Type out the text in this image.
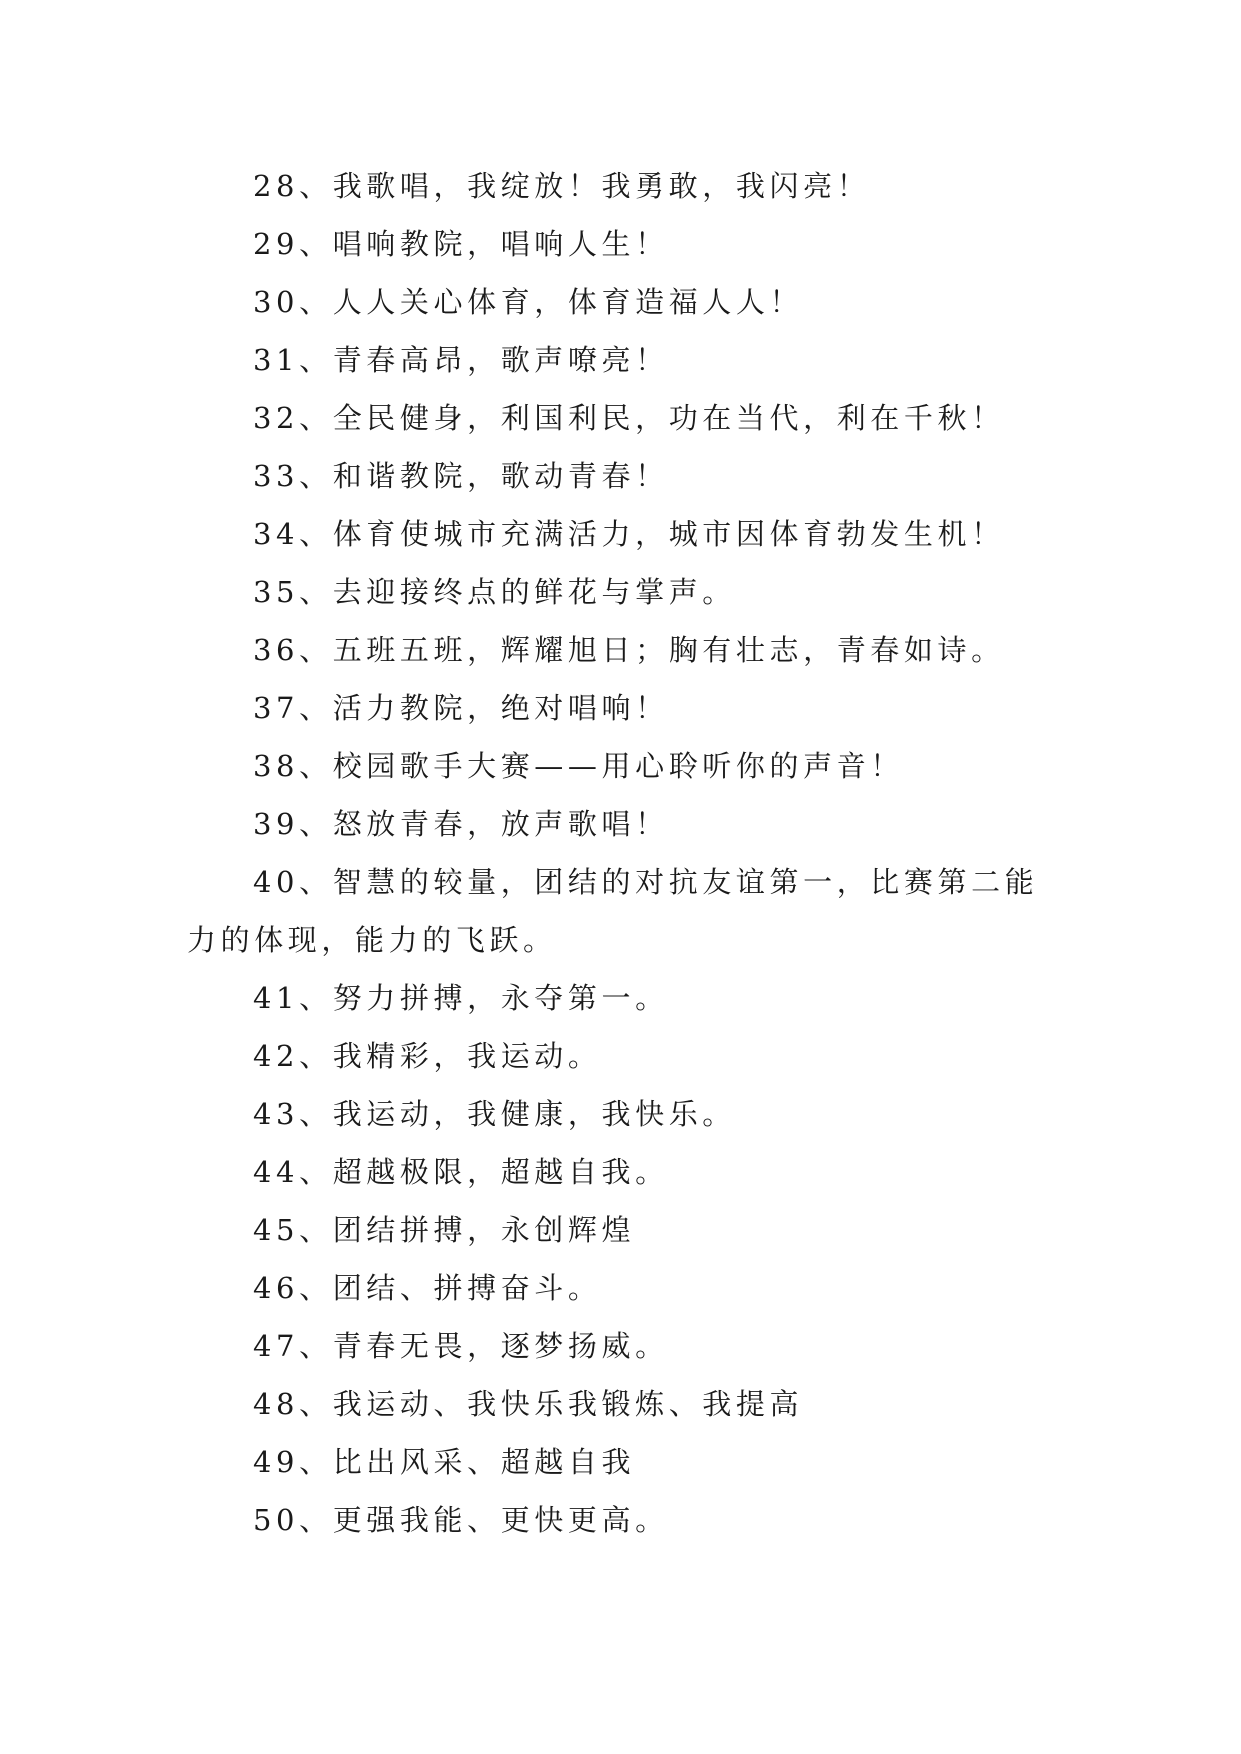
28、我歌唱，我绽放！我勇敢，我闪亮！

29、唱响教院，唱响人生！

30、人人关心体育，体育造福人人！

31、青春高昂，歌声嘹亮！

32、全民健身，利国利民，功在当代，利在千秋！

33、和谐教院，歌动青春！

34、体育使城市充满活力，城市因体育勃发生机！

35、去迎接终点的鲜花与掌声。

36、五班五班，辉耀旭日；胸有壮志，青春如诗。

37、活力教院，绝对唱响！

38、校园歌手大赛——用心聆听你的声音！

39、怒放青春，放声歌唱！

40、智慧的较量，团结的对抗友谊第一，比赛第二能力的体现，能力的飞跃。

41、努力拼搏，永夺第一。

42、我精彩，我运动。

43、我运动，我健康，我快乐。

44、超越极限，超越自我。

45、团结拼搏，永创辉煌

46、团结、拼搏奋斗。

47、青春无畏，逐梦扬威。

48、我运动、我快乐我锻炼、我提高

49、比出风采、超越自我

50、更强我能、更快更高。
